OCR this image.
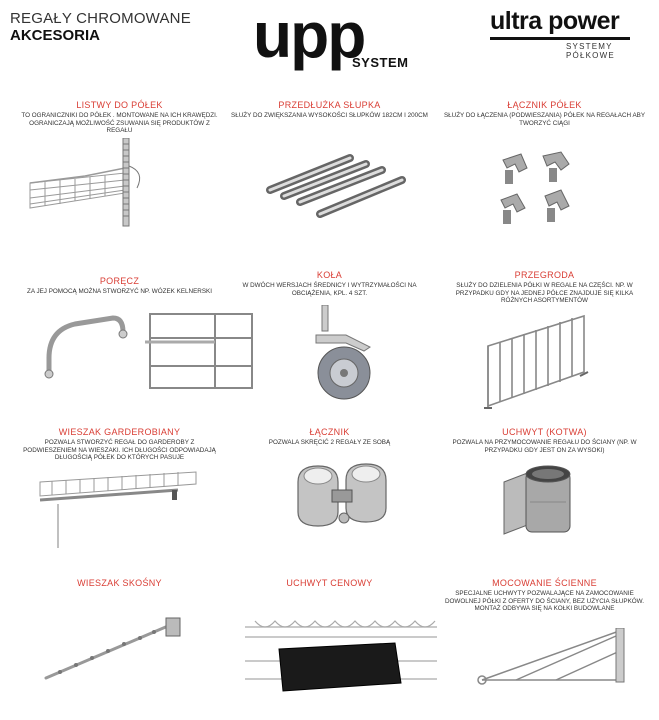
REGAŁY CHROMOWANE
AKCESORIA	upp
SYSTEM
ultra power
SYSTEMY PÓŁKOWE
LISTWY DO PÓŁEK
TO OGRANICZNIKI DO PÓŁEK . MONTOWANE NA ICH KRAWĘDZI. OGRANICZAJĄ MOŻLIWOŚĆ ZSUWANIA SIĘ PRODUKTÓW Z REGAŁU
PRZEDŁUŻKA SŁUPKA
SŁUŻY DO ZWIĘKSZANIA WYSOKOŚCI SŁUPKÓW 182CM I 200CM
ŁĄCZNIK PÓŁEK
SŁUŻY DO ŁĄCZENIA (PODWIESZANIA) PÓŁEK NA REGAŁACH ABY TWORZYĆ CIĄGI
PORĘCZ
ZA JEJ POMOCĄ MOŻNA STWORZYĆ NP. WÓZEK KELNERSKI
KOŁA
W DWÓCH WERSJACH ŚREDNICY I WYTRZYMAŁOŚCI NA OBCIĄŻENIA, KPL. 4 SZT.
PRZEGRODA
SŁUŻY DO DZIELENIA PÓŁKI W REGALE NA CZĘŚCI. NP. W PRZYPADKU GDY NA JEDNEJ PÓŁCE ZNAJDUJE SIĘ KILKA RÓŻNYCH ASORTYMENTÓW
WIESZAK GARDEROBIANY
POZWALA STWORZYĆ REGAŁ DO GARDEROBY Z PODWIESZENIEM NA WIESZAKI. ICH DŁUGOŚCI ODPOWIADAJĄ DŁUGOŚCIĄ PÓŁEK DO KTÓRYCH PASUJE
ŁĄCZNIK
POZWALA SKRĘCIĆ 2 REGAŁY ZE SOBĄ
UCHWYT (KOTWA)
POZWALA NA PRZYMOCOWANIE REGAŁU DO ŚCIANY (NP. W PRZYPADKU GDY JEST ON ZA WYSOKI)
WIESZAK SKOŚNY	UCHWYT CENOWY	MOCOWANIE ŚCIENNE
SPECJALNE UCHWYTY POZWALAJĄCE NA ZAMOCOWANIE DOWOLNEJ PÓŁKI Z OFERTY DO ŚCIANY, BEZ UŻYCIA SŁUPKÓW. MONTAŻ ODBYWA SIĘ NA KOŁKI BUDOWLANE
